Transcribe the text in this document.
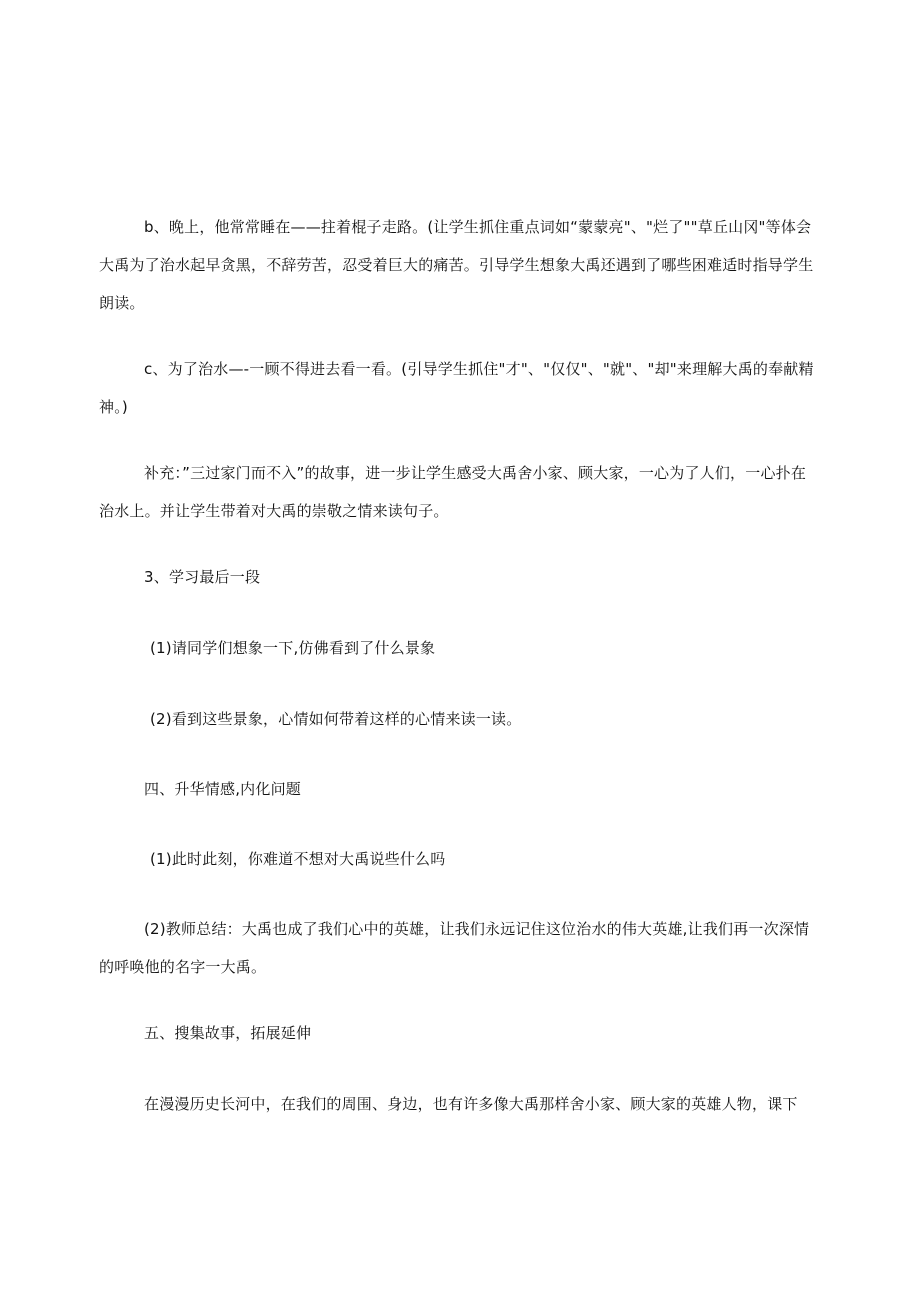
b、晚上，他常常睡在——拄着棍子走路。(让学生抓住重点词如“蒙蒙亮"、"烂了""草丘山冈"等体会大禹为了治水起早贪黑，不辞劳苦，忍受着巨大的痛苦。引导学生想象大禹还遇到了哪些困难适时指导学生朗读。

c、为了治水—-一顾不得进去看一看。(引导学生抓住"才"、"仅仅"、"就"、"却"来理解大禹的奉献精神。)

补充：”三过家门而不入”的故事，进一步让学生感受大禹舍小家、顾大家，一心为了人们，一心扑在治水上。并让学生带着对大禹的崇敬之情来读句子。

3、学习最后一段

(1)请同学们想象一下,仿佛看到了什么景象

(2)看到这些景象，心情如何带着这样的心情来读一读。

四、升华情感,内化问题

(1)此时此刻，你难道不想对大禹说些什么吗

(2)教师总结：大禹也成了我们心中的英雄，让我们永远记住这位治水的伟大英雄,让我们再一次深情的呼唤他的名字一大禹。

五、搜集故事，拓展延伸

在漫漫历史长河中，在我们的周围、身边，也有许多像大禹那样舍小家、顾大家的英雄人物，课下
